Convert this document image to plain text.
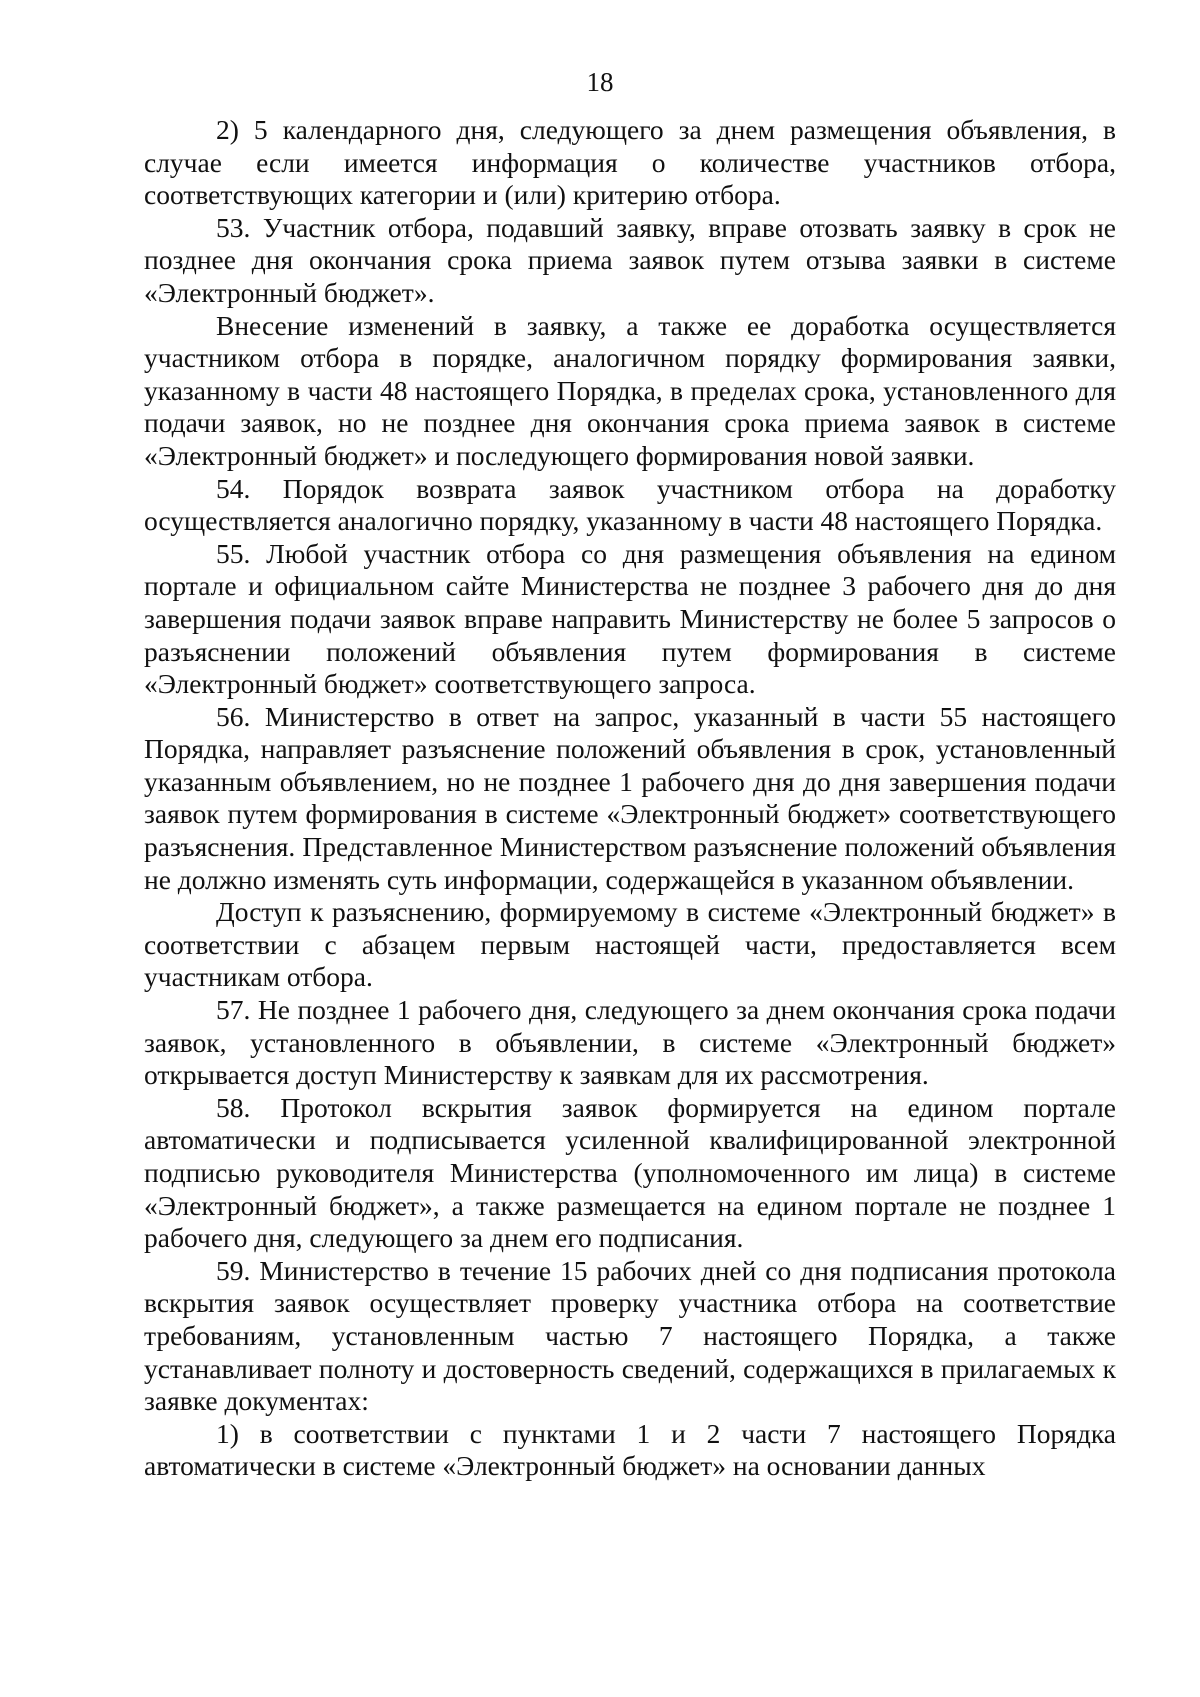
18

2) 5 календарного дня, следующего за днем размещения объявления, в случае если имеется информация о количестве участников отбора, соответствующих категории и (или) критерию отбора.

53. Участник отбора, подавший заявку, вправе отозвать заявку в срок не позднее дня окончания срока приема заявок путем отзыва заявки в системе «Электронный бюджет».

Внесение изменений в заявку, а также ее доработка осуществляется участником отбора в порядке, аналогичном порядку формирования заявки, указанному в части 48 настоящего Порядка, в пределах срока, установленного для подачи заявок, но не позднее дня окончания срока приема заявок в системе «Электронный бюджет» и последующего формирования новой заявки.

54. Порядок возврата заявок участником отбора на доработку осуществляется аналогично порядку, указанному в части 48 настоящего Порядка.

55. Любой участник отбора со дня размещения объявления на едином портале и официальном сайте Министерства не позднее 3 рабочего дня до дня завершения подачи заявок вправе направить Министерству не более 5 запросов о разъяснении положений объявления путем формирования в системе «Электронный бюджет» соответствующего запроса.

56. Министерство в ответ на запрос, указанный в части 55 настоящего Порядка, направляет разъяснение положений объявления в срок, установленный указанным объявлением, но не позднее 1 рабочего дня до дня завершения подачи заявок путем формирования в системе «Электронный бюджет» соответствующего разъяснения. Представленное Министерством разъяснение положений объявления не должно изменять суть информации, содержащейся в указанном объявлении.

Доступ к разъяснению, формируемому в системе «Электронный бюджет» в соответствии с абзацем первым настоящей части, предоставляется всем участникам отбора.

57. Не позднее 1 рабочего дня, следующего за днем окончания срока подачи заявок, установленного в объявлении, в системе «Электронный бюджет» открывается доступ Министерству к заявкам для их рассмотрения.

58. Протокол вскрытия заявок формируется на едином портале автоматически и подписывается усиленной квалифицированной электронной подписью руководителя Министерства (уполномоченного им лица) в системе «Электронный бюджет», а также размещается на едином портале не позднее 1 рабочего дня, следующего за днем его подписания.

59. Министерство в течение 15 рабочих дней со дня подписания протокола вскрытия заявок осуществляет проверку участника отбора на соответствие требованиям, установленным частью 7 настоящего Порядка, а также устанавливает полноту и достоверность сведений, содержащихся в прилагаемых к заявке документах:

1) в соответствии с пунктами 1 и 2 части 7 настоящего Порядка автоматически в системе «Электронный бюджет» на основании данных
